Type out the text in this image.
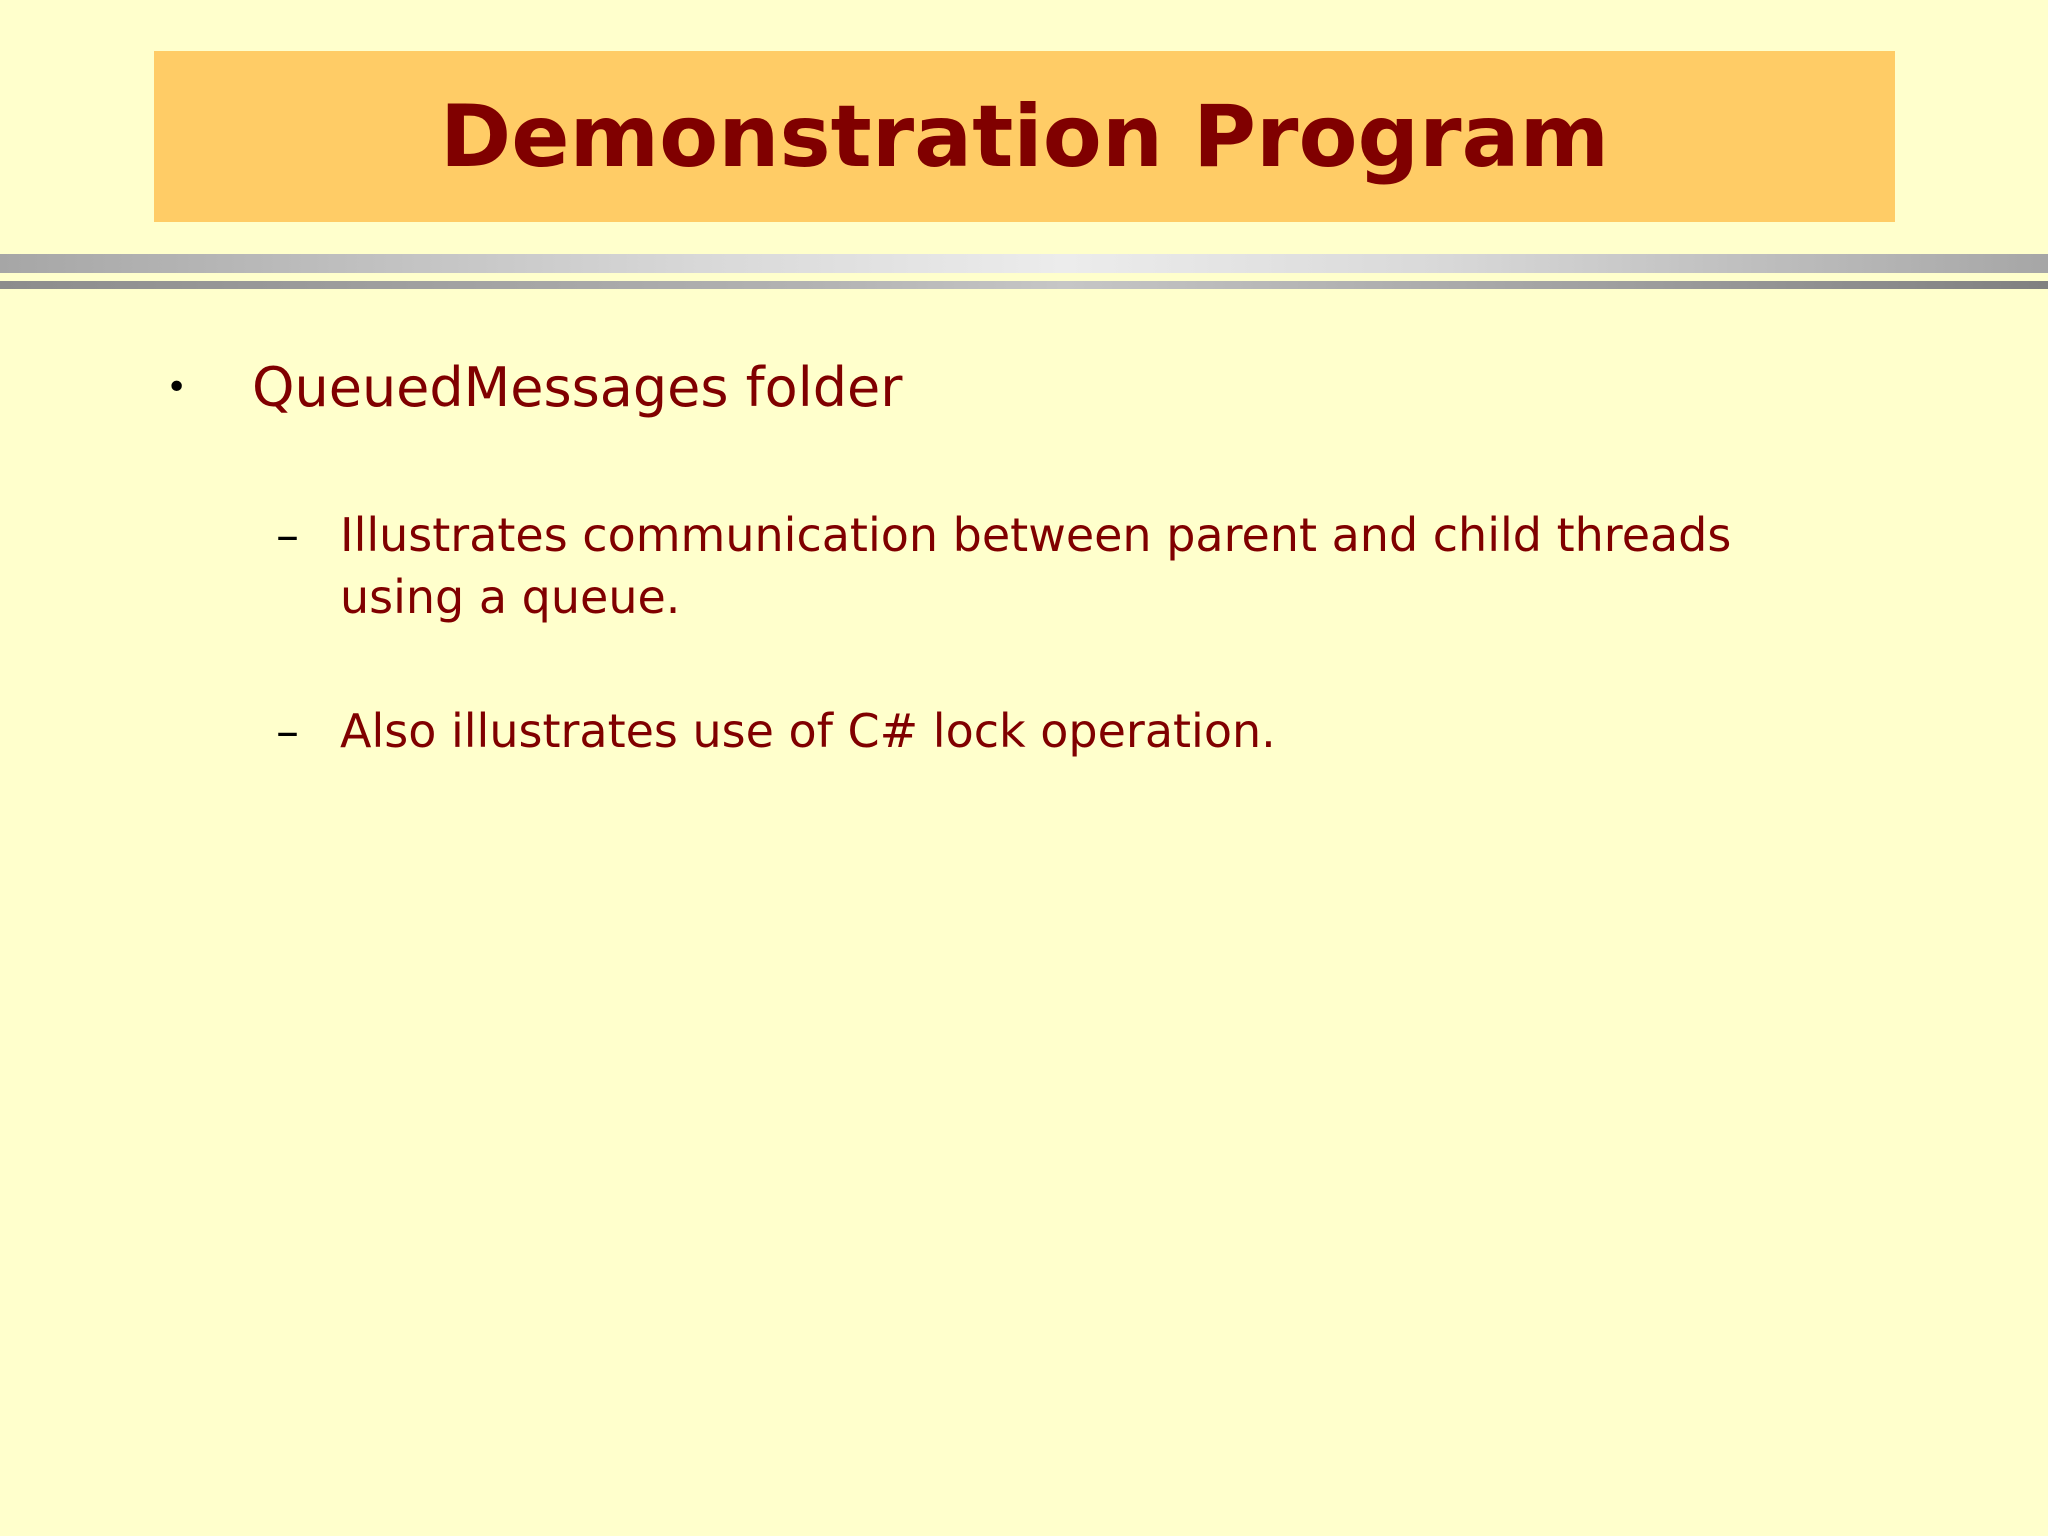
Demonstration Program
•	QueuedMessages folder
– Illustrates communication between parent and child threads using a queue.
– Also illustrates use of C# lock operation.
